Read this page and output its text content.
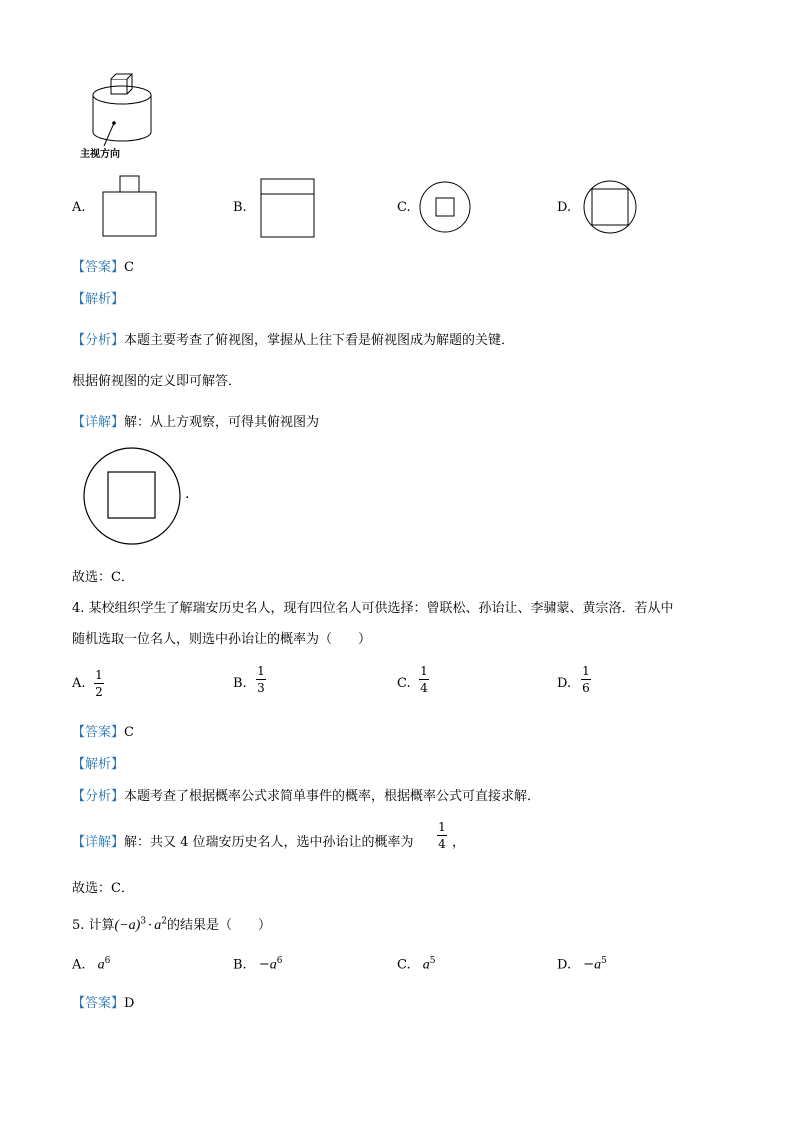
主视方向
A.	B.	C.	D.
【答案】C
【解析】
【分析】本题主要考查了俯视图，掌握从上往下看是俯视图成为解题的关键．
根据俯视图的定义即可解答．
【详解】解：从上方观察，可得其俯视图为
.
故选：C．
4. 某校组织学生了解瑞安历史名人，现有四位名人可供选择：曾联松、孙诒让、李骕蒙、黄宗洛．若从中
随机选取一位名人，则选中孙诒让的概率为（　　）
A.
1
2
B.
1
3	C.
1
4	D.
1
6
【答案】C
【解析】
【分析】本题考查了根据概率公式求简单事件的概率，根据概率公式可直接求解．
【详解】解：共又 4 位瑞安历史名人，选中孙诒让的概率为
1
4 ，
故选：C．
5. 计算$(-a)^3 \cdot a^2$的结果是（　　）
A. $a^6$	B. $-a^6$	C. $a^5$	D. $-a^5$
【答案】D
